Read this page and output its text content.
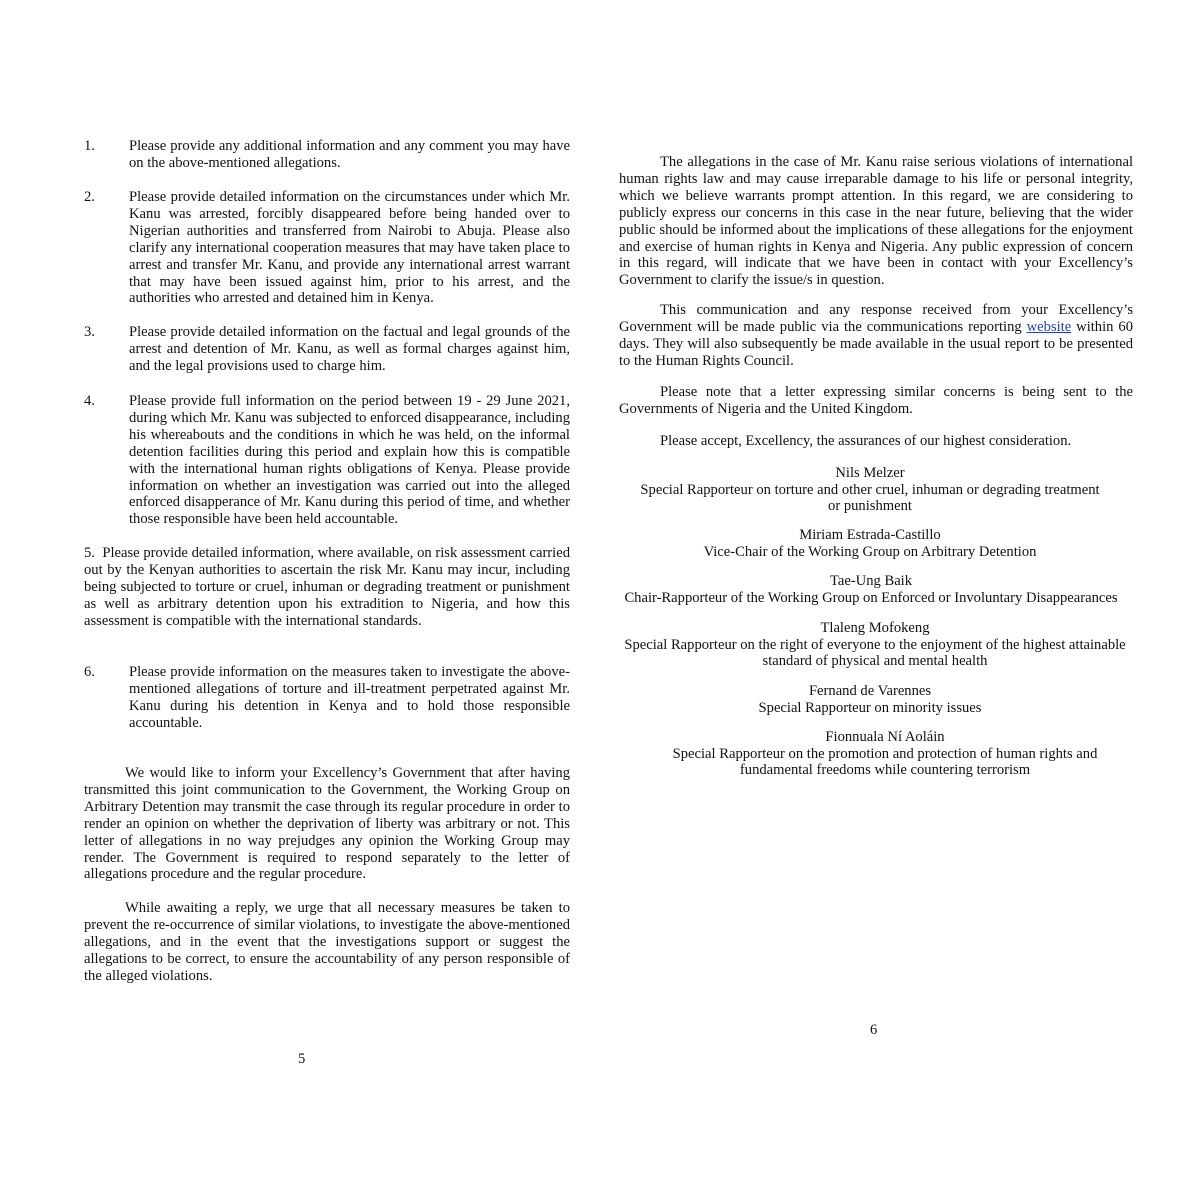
1.	Please provide any additional information and any comment you may have on the above-mentioned allegations.
2.	Please provide detailed information on the circumstances under which Mr. Kanu was arrested, forcibly disappeared before being handed over to Nigerian authorities and transferred from Nairobi to Abuja. Please also clarify any international cooperation measures that may have taken place to arrest and transfer Mr. Kanu, and provide any international arrest warrant that may have been issued against him, prior to his arrest, and the authorities who arrested and detained him in Kenya.
3.	Please provide detailed information on the factual and legal grounds of the arrest and detention of Mr. Kanu, as well as formal charges against him, and the legal provisions used to charge him.
4.	Please provide full information on the period between 19 - 29 June 2021, during which Mr. Kanu was subjected to enforced disappearance, including his whereabouts and the conditions in which he was held, on the informal detention facilities during this period and explain how this is compatible with the international human rights obligations of Kenya. Please provide information on whether an investigation was carried out into the alleged enforced disapperance of Mr. Kanu during this period of time, and whether those responsible have been held accountable.
5. Please provide detailed information, where available, on risk assessment carried out by the Kenyan authorities to ascertain the risk Mr. Kanu may incur, including being subjected to torture or cruel, inhuman or degrading treatment or punishment as well as arbitrary detention upon his extradition to Nigeria, and how this assessment is compatible with the international standards.
6.	Please provide information on the measures taken to investigate the above-mentioned allegations of torture and ill-treatment perpetrated against Mr. Kanu during his detention in Kenya and to hold those responsible accountable.
We would like to inform your Excellency’s Government that after having transmitted this joint communication to the Government, the Working Group on Arbitrary Detention may transmit the case through its regular procedure in order to render an opinion on whether the deprivation of liberty was arbitrary or not. This letter of allegations in no way prejudges any opinion the Working Group may render. The Government is required to respond separately to the letter of allegations procedure and the regular procedure.
While awaiting a reply, we urge that all necessary measures be taken to prevent the re-occurrence of similar violations, to investigate the above-mentioned allegations, and in the event that the investigations support or suggest the allegations to be correct, to ensure the accountability of any person responsible of the alleged violations.
5
The allegations in the case of Mr. Kanu raise serious violations of international human rights law and may cause irreparable damage to his life or personal integrity, which we believe warrants prompt attention. In this regard, we are considering to publicly express our concerns in this case in the near future, believing that the wider public should be informed about the implications of these allegations for the enjoyment and exercise of human rights in Kenya and Nigeria. Any public expression of concern in this regard, will indicate that we have been in contact with your Excellency’s Government to clarify the issue/s in question.
This communication and any response received from your Excellency’s Government will be made public via the communications reporting website within 60 days. They will also subsequently be made available in the usual report to be presented to the Human Rights Council.
Please note that a letter expressing similar concerns is being sent to the Governments of Nigeria and the United Kingdom.
Please accept, Excellency, the assurances of our highest consideration.
Nils Melzer
Special Rapporteur on torture and other cruel, inhuman or degrading treatment or punishment
Miriam Estrada-Castillo
Vice-Chair of the Working Group on Arbitrary Detention
Tae-Ung Baik
Chair-Rapporteur of the Working Group on Enforced or Involuntary Disappearances
Tlaleng Mofokeng
Special Rapporteur on the right of everyone to the enjoyment of the highest attainable standard of physical and mental health
Fernand de Varennes
Special Rapporteur on minority issues
Fionnuala Ní Aoláin
Special Rapporteur on the promotion and protection of human rights and fundamental freedoms while countering terrorism
6
